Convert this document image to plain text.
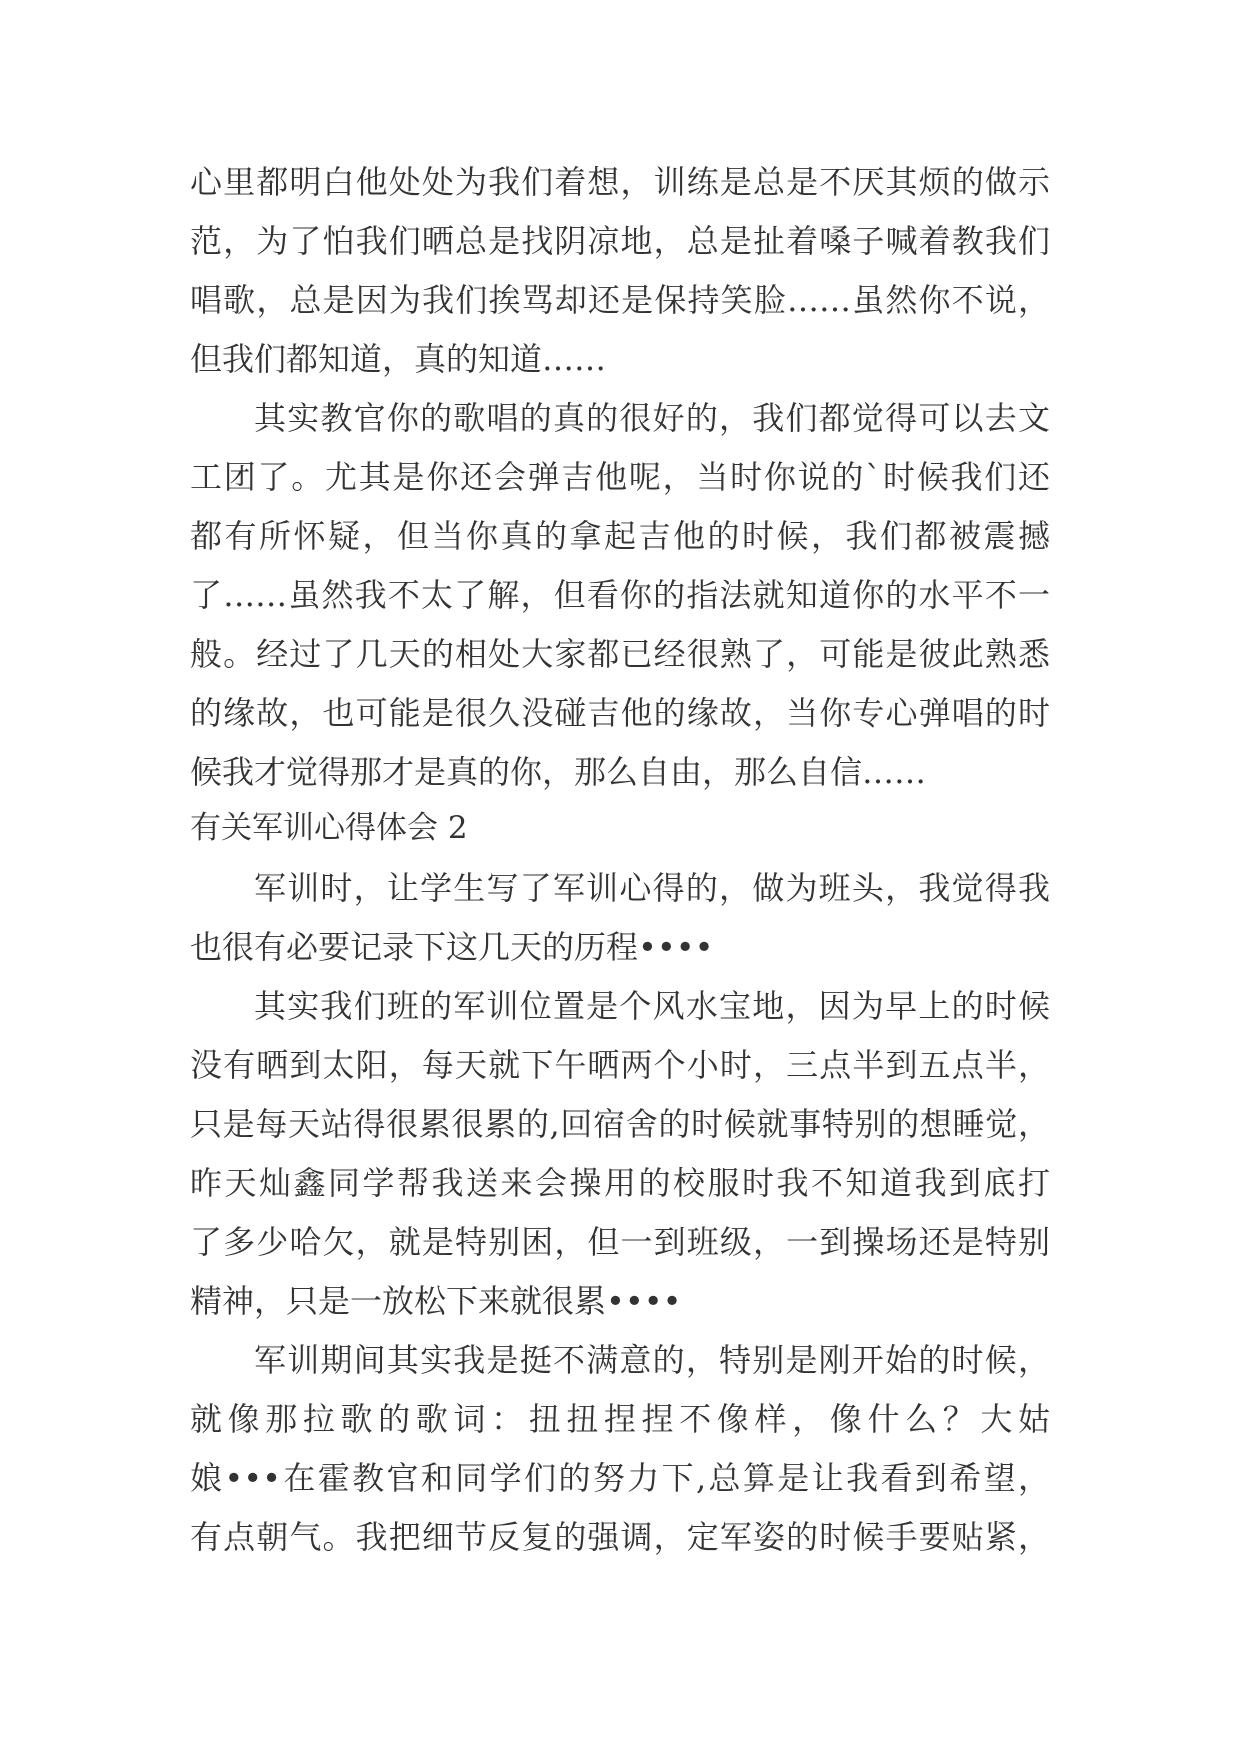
心里都明白他处处为我们着想，训练是总是不厌其烦的做示

范，为了怕我们晒总是找阴凉地，总是扯着嗓子喊着教我们

唱歌，总是因为我们挨骂却还是保持笑脸……虽然你不说，

但我们都知道，真的知道……

其实教官你的歌唱的真的很好的，我们都觉得可以去文

工团了。尤其是你还会弹吉他呢，当时你说的`时候我们还

都有所怀疑，但当你真的拿起吉他的时候，我们都被震撼

了……虽然我不太了解，但看你的指法就知道你的水平不一

般。经过了几天的相处大家都已经很熟了，可能是彼此熟悉

的缘故，也可能是很久没碰吉他的缘故，当你专心弹唱的时

候我才觉得那才是真的你，那么自由，那么自信……

有关军训心得体会 2

军训时，让学生写了军训心得的，做为班头，我觉得我

也很有必要记录下这几天的历程••••

其实我们班的军训位置是个风水宝地，因为早上的时候

没有晒到太阳，每天就下午晒两个小时，三点半到五点半，

只是每天站得很累很累的,回宿舍的时候就事特别的想睡觉，

昨天灿鑫同学帮我送来会操用的校服时我不知道我到底打

了多少哈欠，就是特别困，但一到班级，一到操场还是特别

精神，只是一放松下来就很累••••

军训期间其实我是挺不满意的，特别是刚开始的时候，

就像那拉歌的歌词：扭扭捏捏不像样，像什么？大姑

娘•••在霍教官和同学们的努力下,总算是让我看到希望，

有点朝气。我把细节反复的强调，定军姿的时候手要贴紧，
